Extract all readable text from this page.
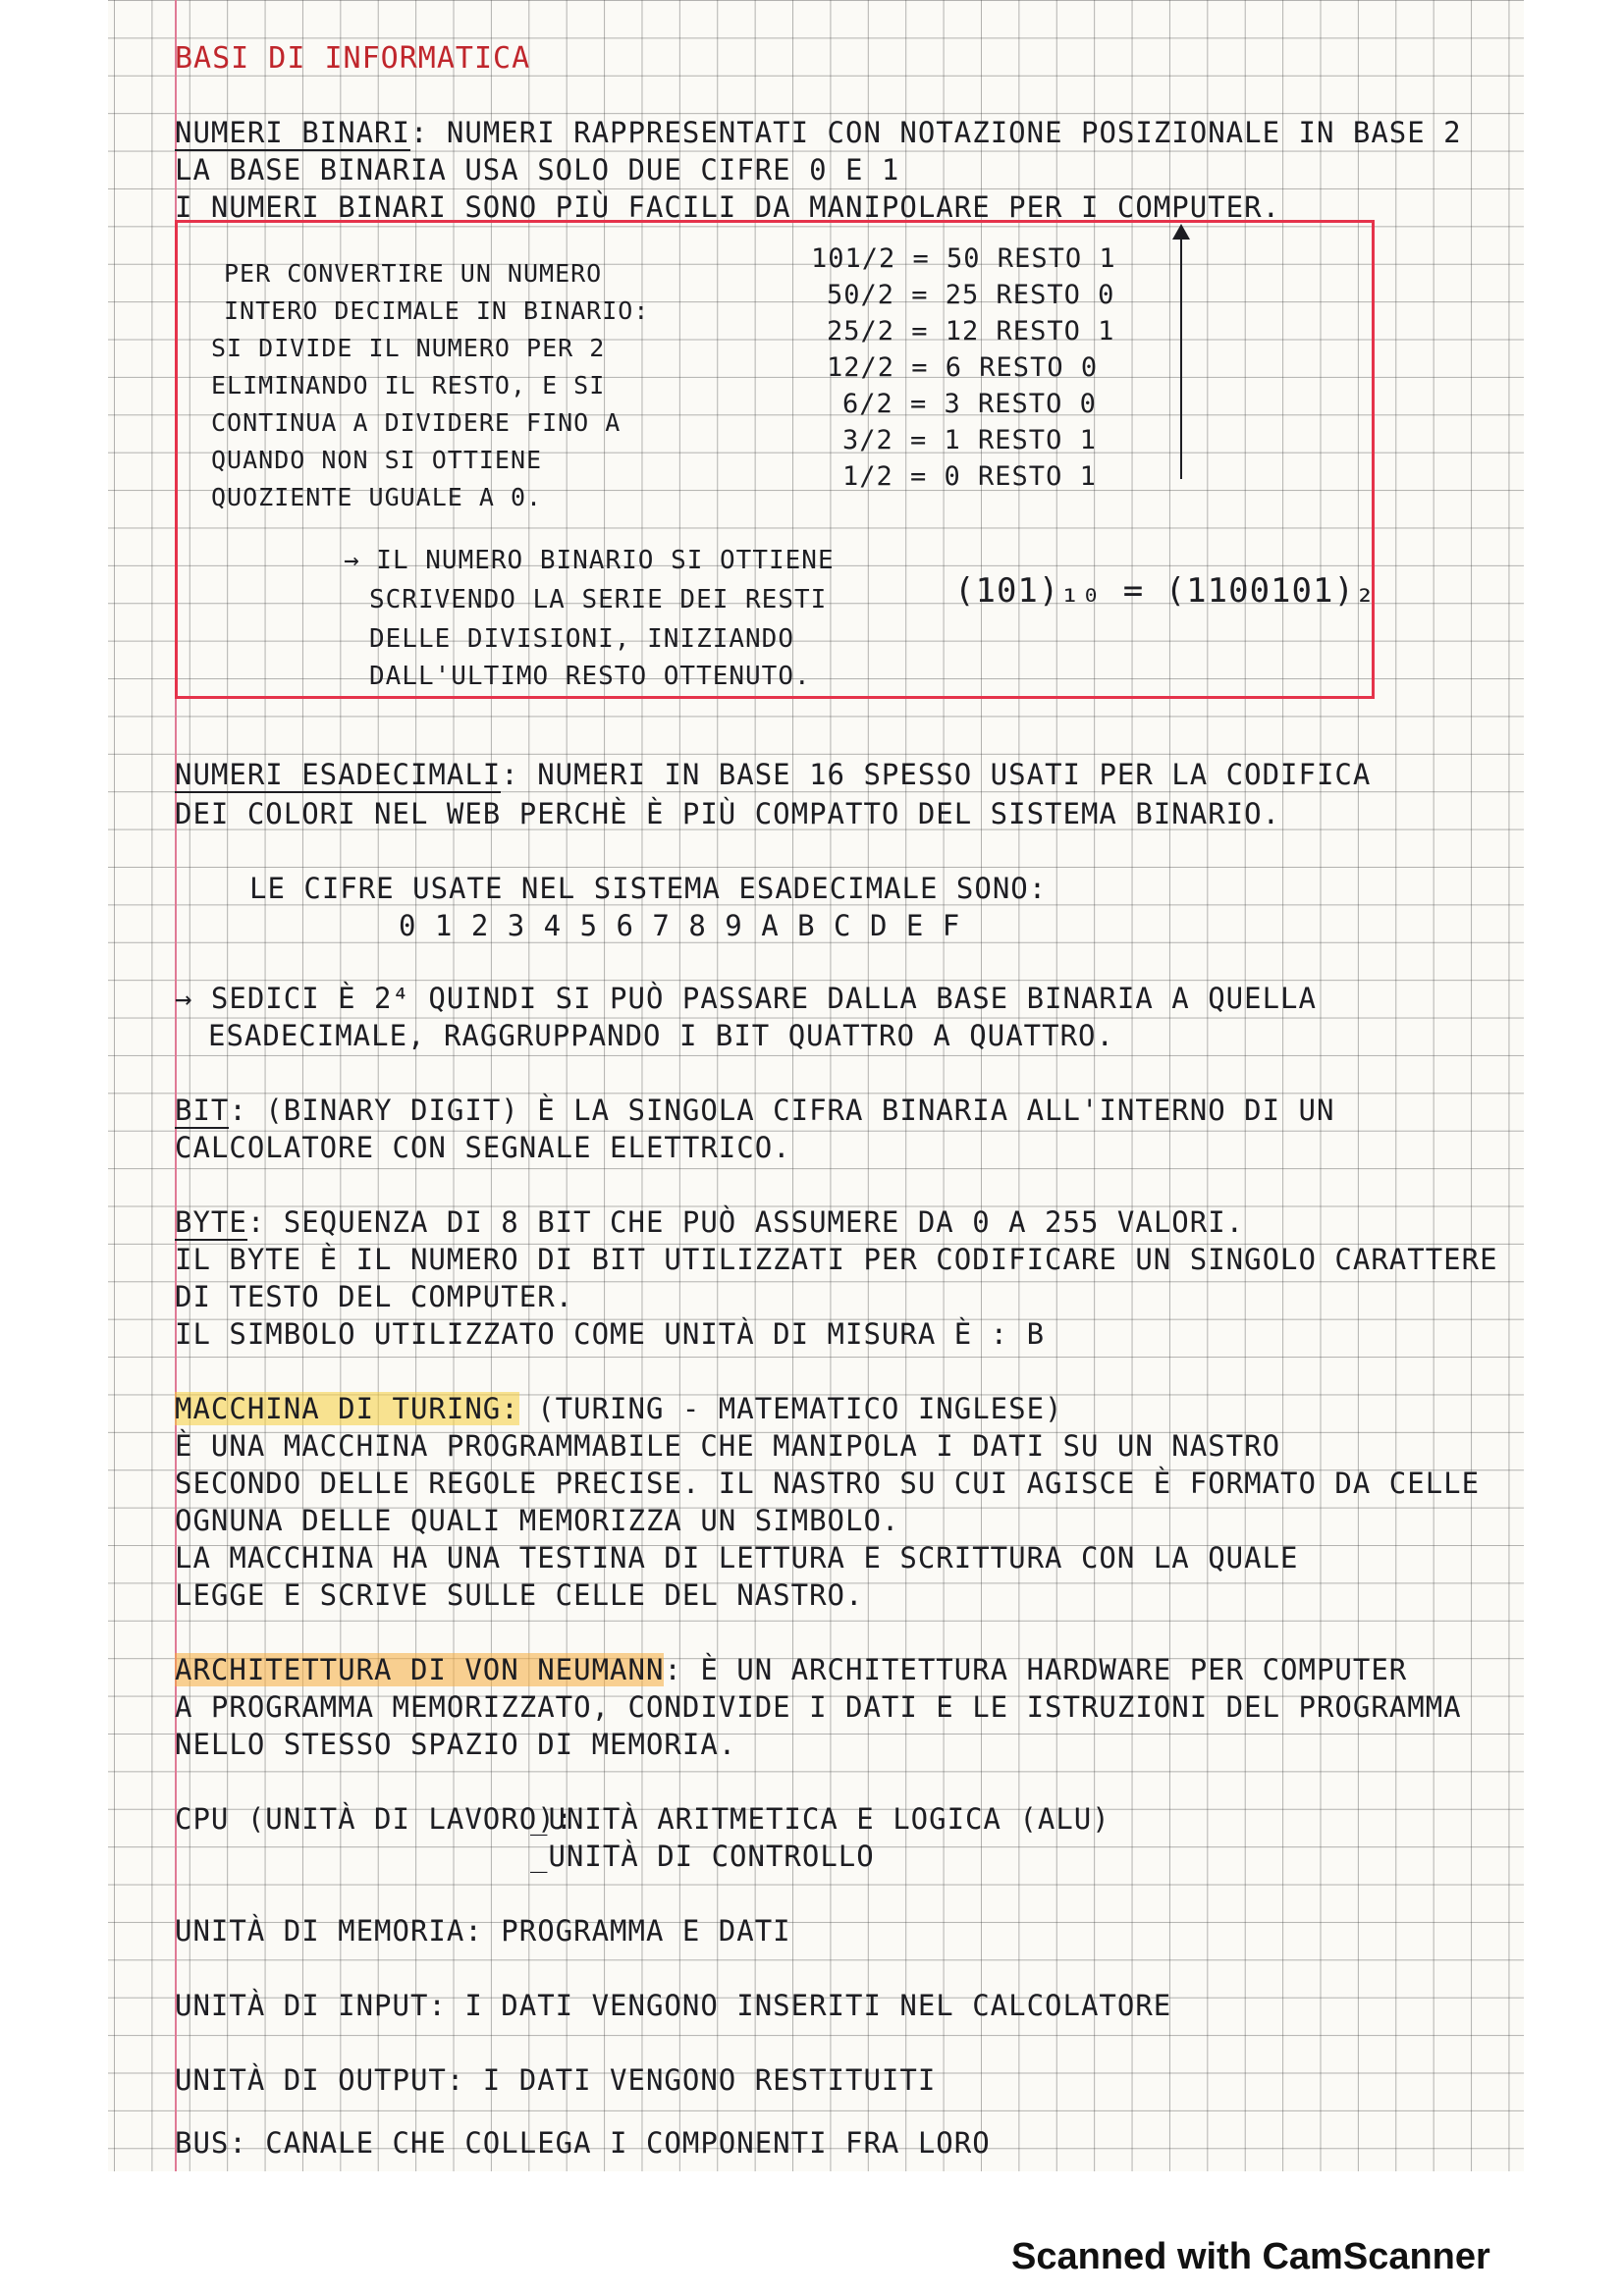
BASI DI INFORMATICA
NUMERI BINARI: NUMERI RAPPRESENTATI CON NOTAZIONE POSIZIONALE IN BASE 2
LA BASE BINARIA USA SOLO DUE CIFRE 0 E 1
I NUMERI BINARI SONO PIÙ FACILI DA MANIPOLARE PER I COMPUTER.
PER CONVERTIRE UN NUMERO
INTERO DECIMALE IN BINARIO:
SI DIVIDE IL NUMERO PER 2
ELIMINANDO IL RESTO, E SI
CONTINUA A DIVIDERE FINO A
QUANDO NON SI OTTIENE
QUOZIENTE UGUALE A 0.
101/2 = 50 RESTO 1
50/2 = 25 RESTO 0
25/2 = 12 RESTO 1
12/2 = 6 RESTO 0
6/2 = 3 RESTO 0
3/2 = 1 RESTO 1
1/2 = 0 RESTO 1
→ IL NUMERO BINARIO SI OTTIENE
SCRIVENDO LA SERIE DEI RESTI
DELLE DIVISIONI, INIZIANDO
DALL'ULTIMO RESTO OTTENUTO.
(101)₁₀ = (1100101)₂
NUMERI ESADECIMALI: NUMERI IN BASE 16 SPESSO USATI PER LA CODIFICA
DEI COLORI NEL WEB PERCHÈ È PIÙ COMPATTO DEL SISTEMA BINARIO.
LE CIFRE USATE NEL SISTEMA ESADECIMALE SONO:
0 1 2 3 4 5 6 7 8 9 A B C D E F
→ SEDICI È 2⁴ QUINDI SI PUÒ PASSARE DALLA BASE BINARIA A QUELLA
ESADECIMALE, RAGGRUPPANDO I BIT QUATTRO A QUATTRO.
BIT: (BINARY DIGIT) È LA SINGOLA CIFRA BINARIA ALL'INTERNO DI UN
CALCOLATORE CON SEGNALE ELETTRICO.
BYTE: SEQUENZA DI 8 BIT CHE PUÒ ASSUMERE DA 0 A 255 VALORI.
IL BYTE È IL NUMERO DI BIT UTILIZZATI PER CODIFICARE UN SINGOLO CARATTERE
DI TESTO DEL COMPUTER.
IL SIMBOLO UTILIZZATO COME UNITÀ DI MISURA È : B
MACCHINA DI TURING: (TURING - MATEMATICO INGLESE)
È UNA MACCHINA PROGRAMMABILE CHE MANIPOLA I DATI SU UN NASTRO
SECONDO DELLE REGOLE PRECISE. IL NASTRO SU CUI AGISCE È FORMATO DA CELLE
OGNUNA DELLE QUALI MEMORIZZA UN SIMBOLO.
LA MACCHINA HA UNA TESTINA DI LETTURA E SCRITTURA CON LA QUALE
LEGGE E SCRIVE SULLE CELLE DEL NASTRO.
ARCHITETTURA DI VON NEUMANN: È UN ARCHITETTURA HARDWARE PER COMPUTER
A PROGRAMMA MEMORIZZATO, CONDIVIDE I DATI E LE ISTRUZIONI DEL PROGRAMMA
NELLO STESSO SPAZIO DI MEMORIA.
CPU (UNITÀ DI LAVORO):
_UNITÀ ARITMETICA E LOGICA (ALU)
_UNITÀ DI CONTROLLO
UNITÀ DI MEMORIA: PROGRAMMA E DATI
UNITÀ DI INPUT: I DATI VENGONO INSERITI NEL CALCOLATORE
UNITÀ DI OUTPUT: I DATI VENGONO RESTITUITI
BUS: CANALE CHE COLLEGA I COMPONENTI FRA LORO
Scanned with CamScanner
